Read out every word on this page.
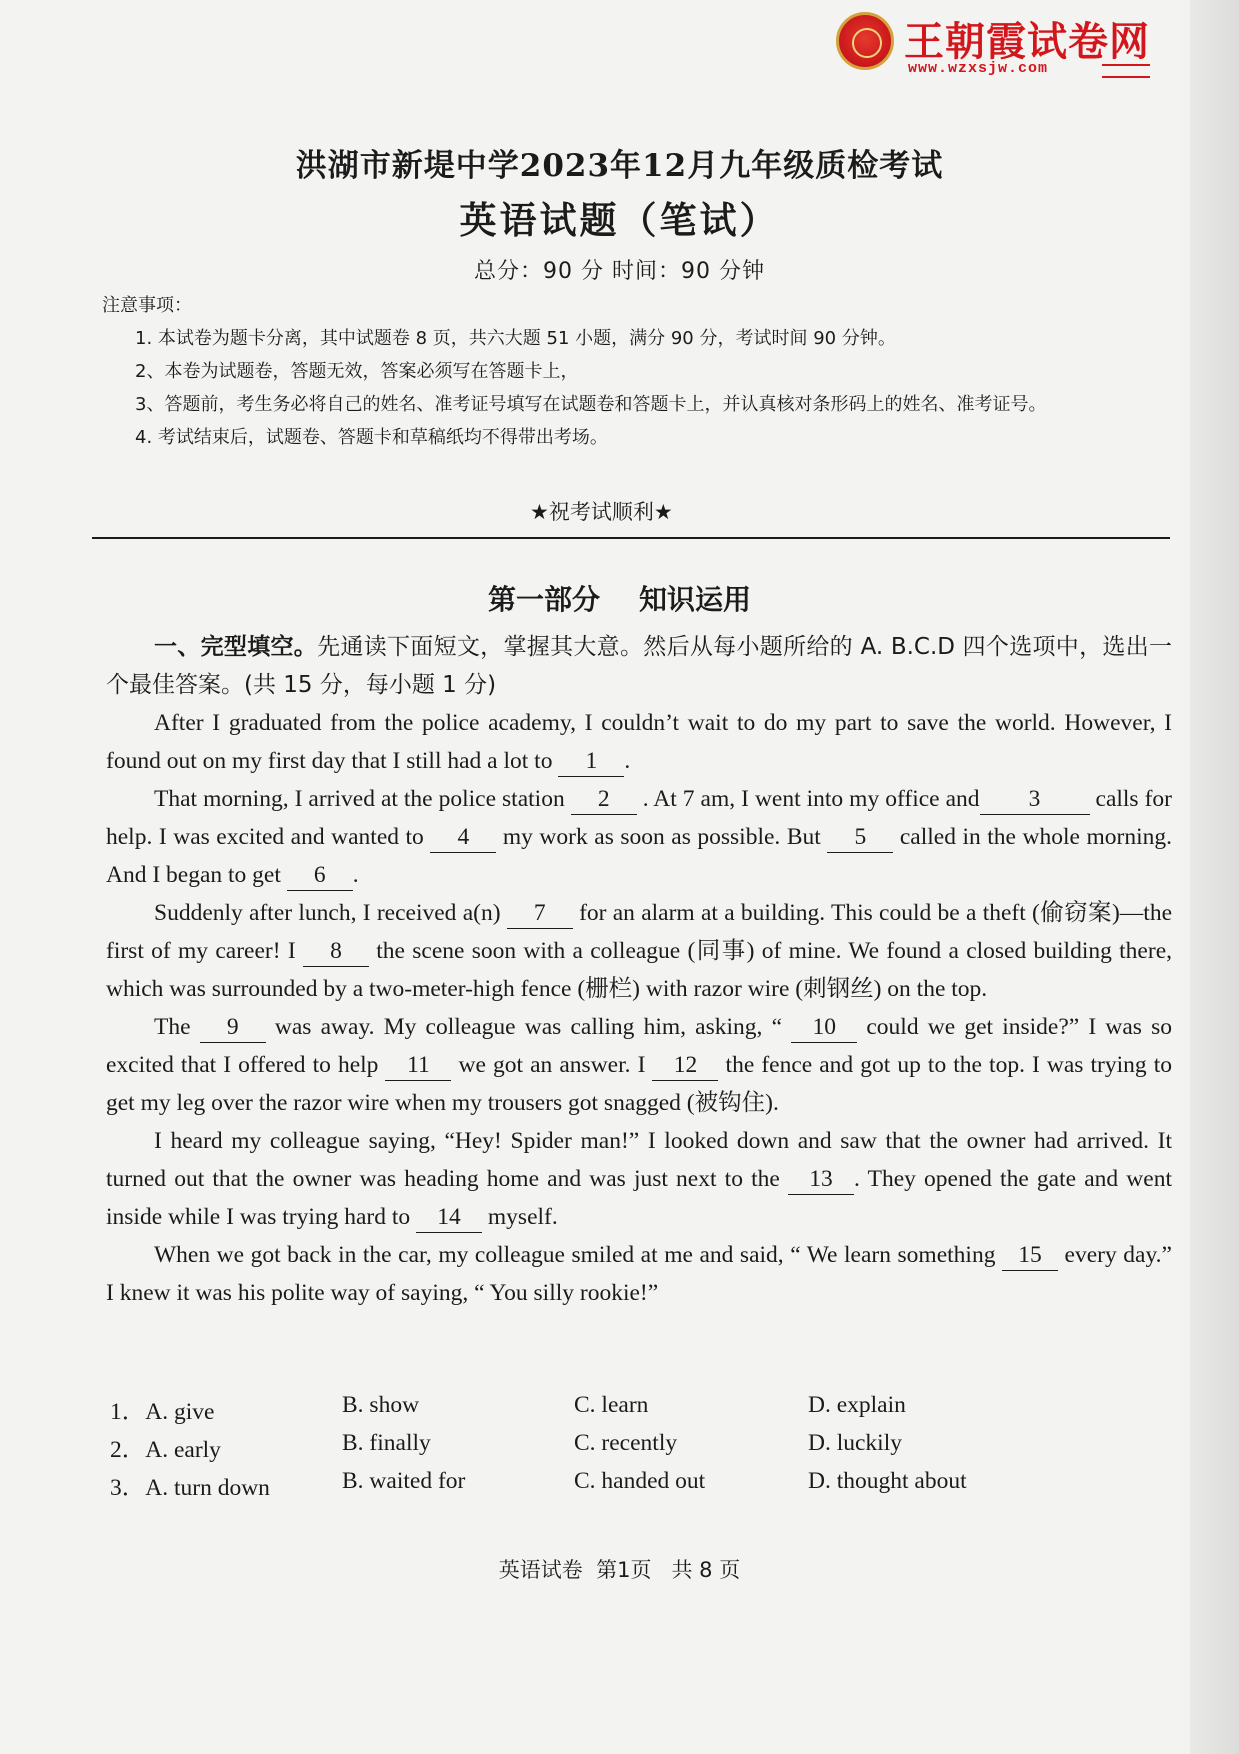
王朝霞试卷网
www.wzxsjw.com
洪湖市新堤中学2023年12月九年级质检考试
英语试题（笔试）
总分：90 分 时间：90 分钟

注意事项：

1. 本试卷为题卡分离，其中试题卷 8 页，共六大题 51 小题，满分 90 分，考试时间 90 分钟。

2、本卷为试题卷，答题无效，答案必须写在答题卡上，

3、答题前，考生务必将自己的姓名、准考证号填写在试题卷和答题卡上，并认真核对条形码上的姓名、准考证号。

4. 考试结束后，试题卷、答题卡和草稿纸均不得带出考场。

★祝考试顺利★
第一部分    知识运用

一、完型填空。先通读下面短文，掌握其大意。然后从每小题所给的 A. B.C.D 四个选项中，选出一个最佳答案。(共 15 分，每小题 1 分)

After I graduated from the police academy, I couldn’t wait to do my part to save the world. However, I found out on my first day that I still had a lot to 1 .

That morning, I arrived at the police station 2 . At 7 am, I went into my office and 3 calls for help. I was excited and wanted to 4 my work as soon as possible. But 5 called in the whole morning. And I began to get 6 .

Suddenly after lunch, I received a(n) 7 for an alarm at a building. This could be a theft (偷窃案)—the first of my career! I 8 the scene soon with a colleague (同事) of mine. We found a closed building there, which was surrounded by a two-meter-high fence (栅栏) with razor wire (刺钢丝) on the top.

The 9 was away. My colleague was calling him, asking, “ 10 could we get inside?” I was so excited that I offered to help 11 we got an answer. I 12 the fence and got up to the top. I was trying to get my leg over the razor wire when my trousers got snagged (被钩住).

I heard my colleague saying, “Hey! Spider man!” I looked down and saw that the owner had arrived. It turned out that the owner was heading home and was just next to the 13 . They opened the gate and went inside while I was trying hard to 14 myself.

When we got back in the car, my colleague smiled at me and said, “ We learn something 15 every day.” I knew it was his polite way of saying, “ You silly rookie!”

1．A. give	B. show	C. learn	D. explain
2．A. early	B. finally	C. recently	D. luckily
3．A. turn down	B. waited for	C. handed out	D. thought about
英语试卷  第1页   共 8 页
